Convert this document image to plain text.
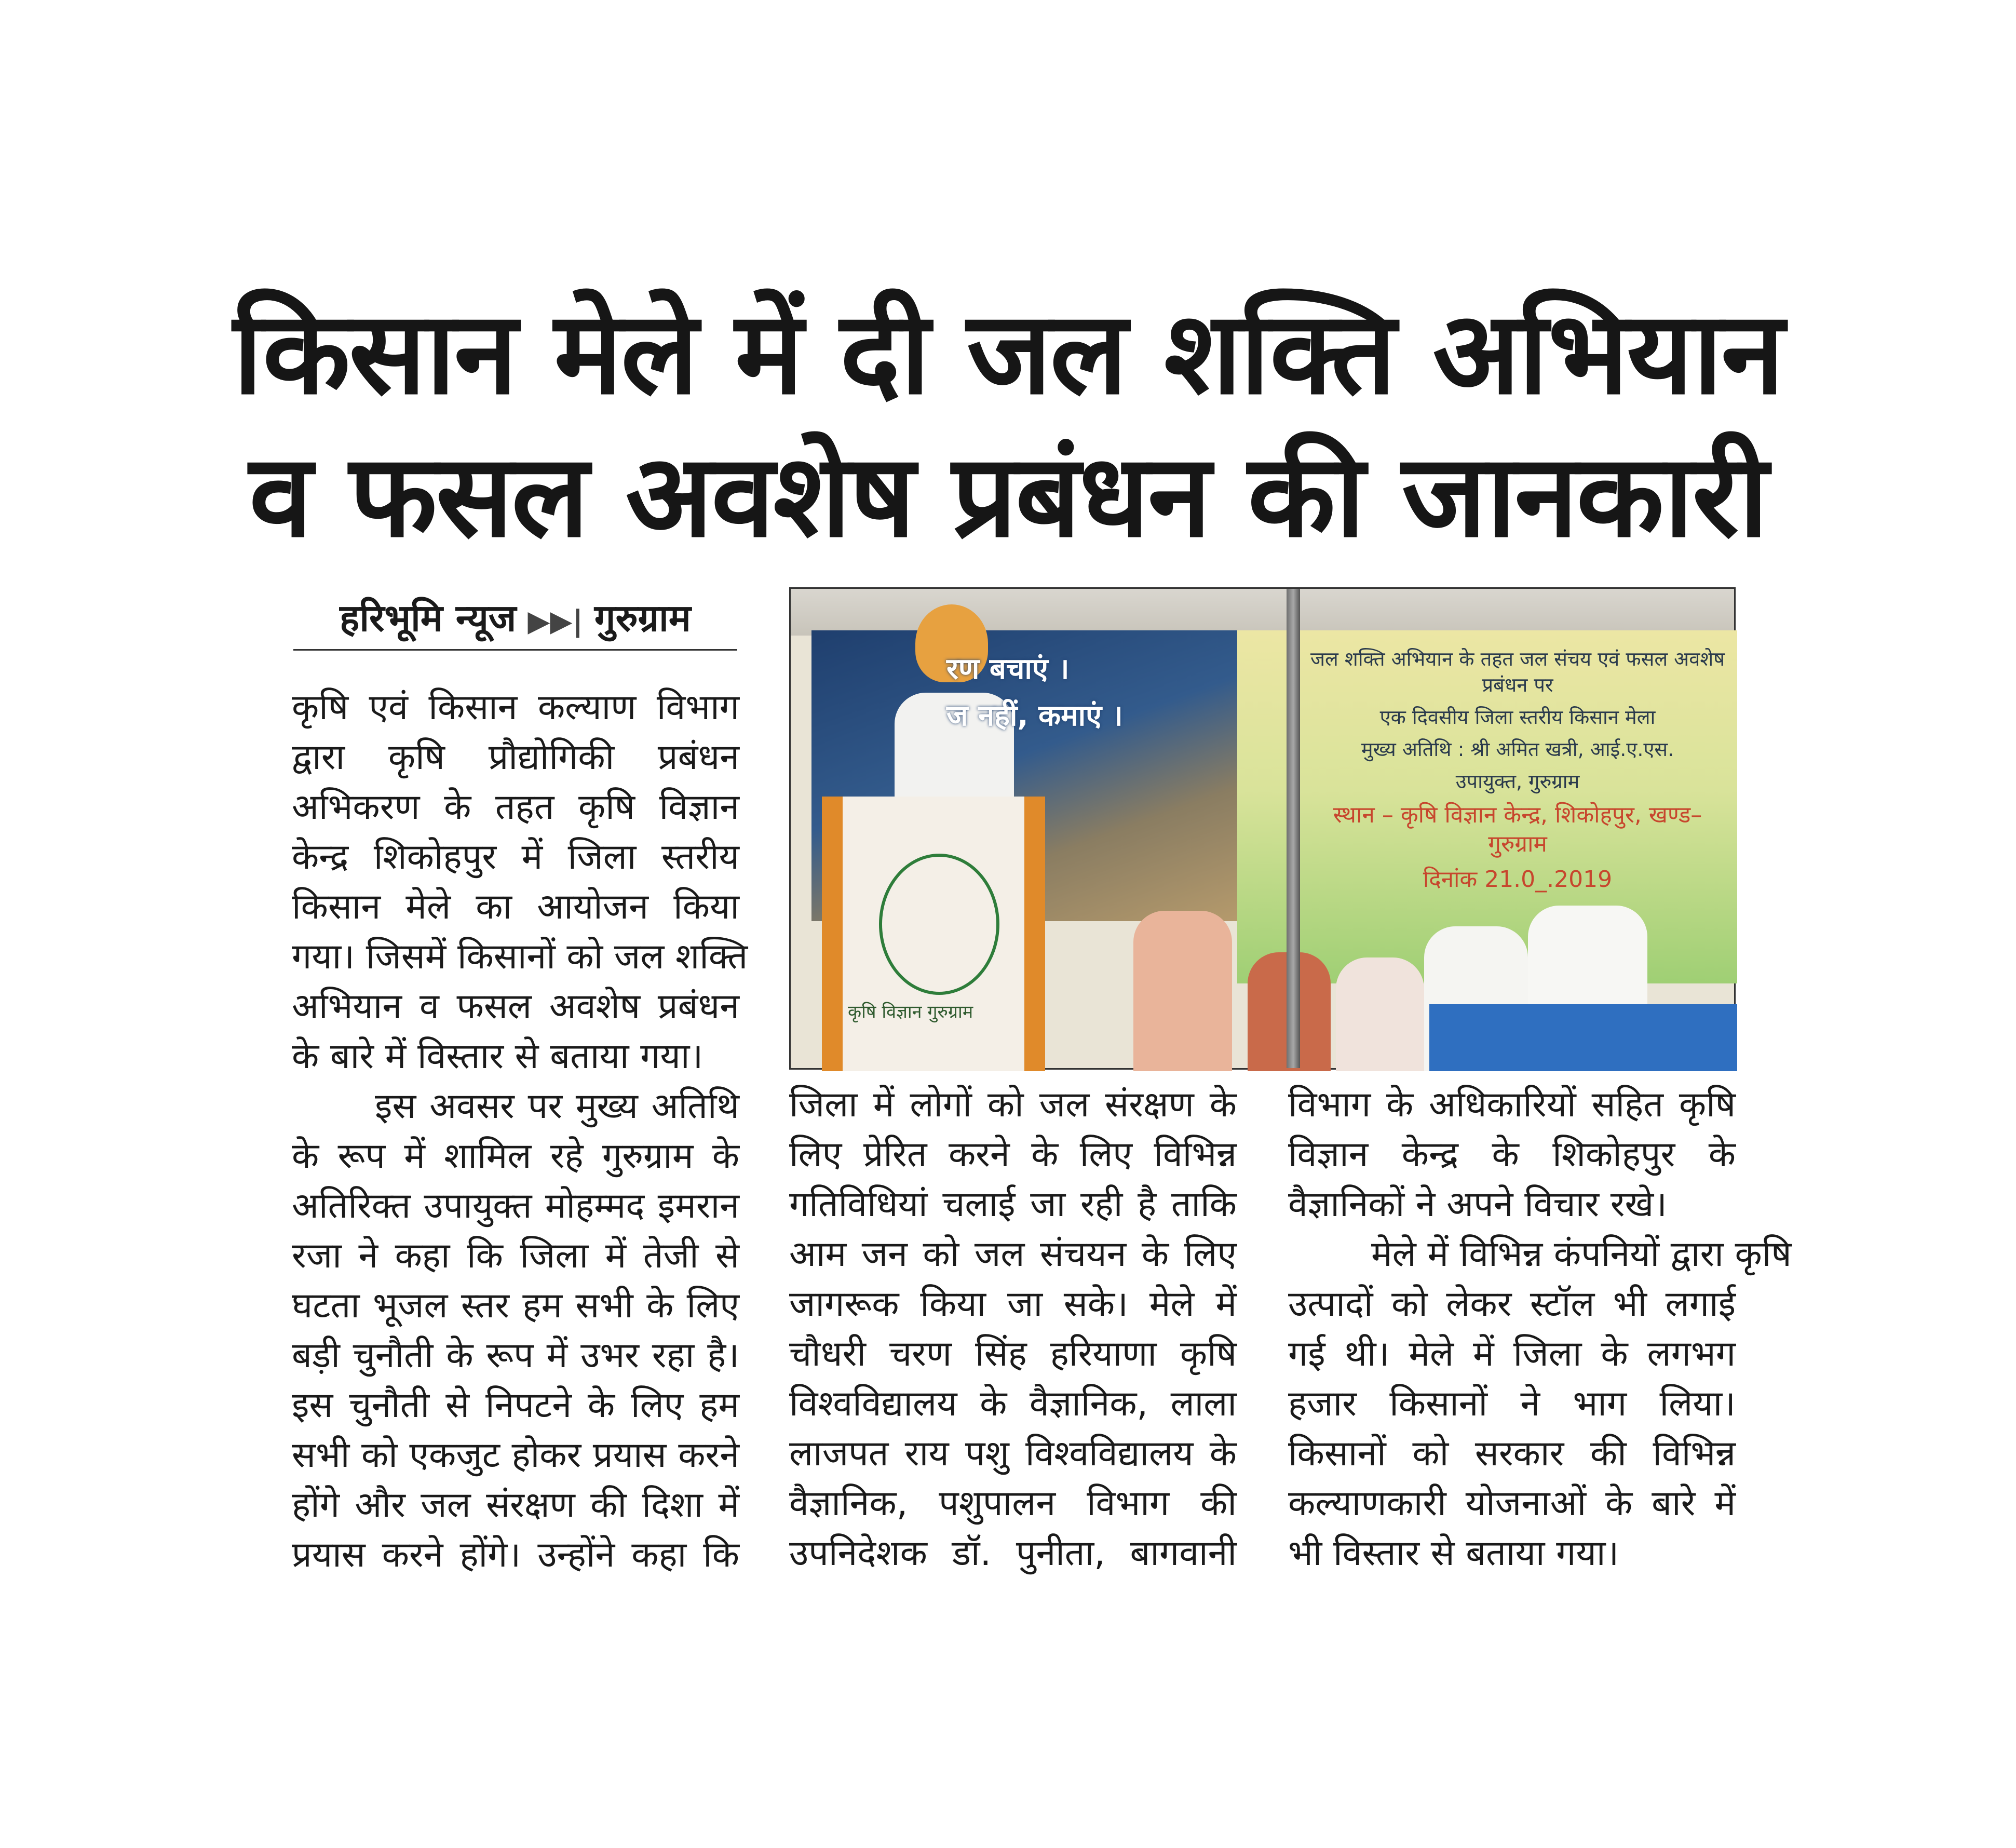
किसान मेले में दी जल शक्ति अभियान
व फसल अवशेष प्रबंधन की जानकारी
हरिभूमि न्यूज ▶▶| गुरुग्राम
कृषि विज्ञान गुरुग्राम
रण बचाएं ।
ज नहीं, कमाएं ।
जल शक्ति अभियान के तहत जल संचय एवं फसल अवशेष प्रबंधन पर
एक दिवसीय जिला स्तरीय किसान मेला
मुख्य अतिथि : श्री अमित खत्री, आई.ए.एस.
उपायुक्त, गुरुग्राम
स्थान – कृषि विज्ञान केन्द्र, शिकोहपुर, खण्ड–गुरुग्राम
दिनांक 21.0_.2019
कृषि एवं किसान कल्याण विभाग
द्वारा कृषि प्रौद्योगिकी प्रबंधन
अभिकरण के तहत कृषि विज्ञान
केन्द्र शिकोहपुर में जिला स्तरीय
किसान मेले का आयोजन किया
गया। जिसमें किसानों को जल शक्ति
अभियान व फसल अवशेष प्रबंधन
के बारे में विस्तार से बताया गया।
इस अवसर पर मुख्य अतिथि
के रूप में शामिल रहे गुरुग्राम के
अतिरिक्त उपायुक्त मोहम्मद इमरान
रजा ने कहा कि जिला में तेजी से
घटता भूजल स्तर हम सभी के लिए
बड़ी चुनौती के रूप में उभर रहा है।
इस चुनौती से निपटने के लिए हम
सभी को एकजुट होकर प्रयास करने
होंगे और जल संरक्षण की दिशा में
प्रयास करने होंगे। उन्होंने कहा कि
जिला में लोगों को जल संरक्षण के
लिए प्रेरित करने के लिए विभिन्न
गतिविधियां चलाई जा रही है ताकि
आम जन को जल संचयन के लिए
जागरूक किया जा सके। मेले में
चौधरी चरण सिंह हरियाणा कृषि
विश्वविद्यालय के वैज्ञानिक, लाला
लाजपत राय पशु विश्वविद्यालय के
वैज्ञानिक, पशुपालन विभाग की
उपनिदेशक डॉ. पुनीता, बागवानी
विभाग के अधिकारियों सहित कृषि
विज्ञान केन्द्र के शिकोहपुर के
वैज्ञानिकों ने अपने विचार रखे।
मेले में विभिन्न कंपनियों द्वारा कृषि
उत्पादों को लेकर स्टॉल भी लगाई
गई थी। मेले में जिला के लगभग
हजार किसानों ने भाग लिया।
किसानों को सरकार की विभिन्न
कल्याणकारी योजनाओं के बारे में
भी विस्तार से बताया गया।
